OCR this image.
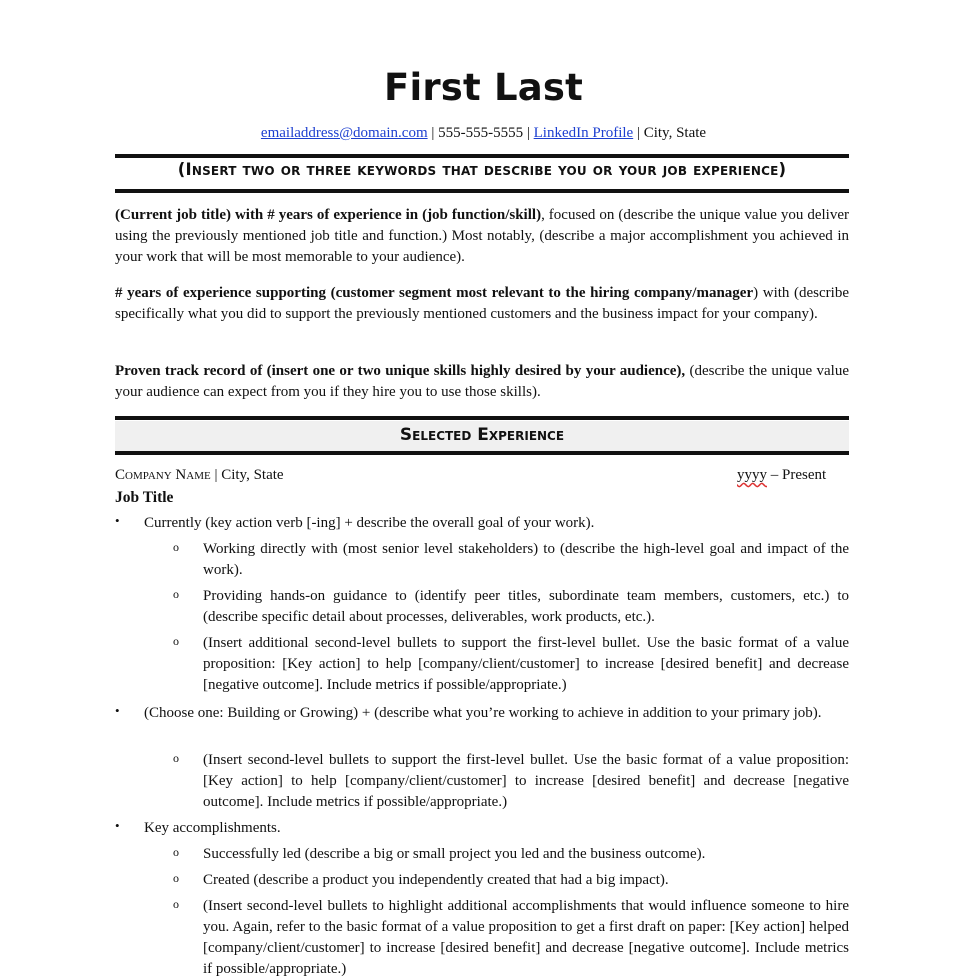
First Last
emailaddress@domain.com | 555-555-5555 | LinkedIn Profile | City, State
(Insert two or three keywords that describe you or your job experience)
(Current job title) with # years of experience in (job function/skill), focused on (describe the unique value you deliver using the previously mentioned job title and function.) Most notably, (describe a major accomplishment you achieved in your work that will be most memorable to your audience).
# years of experience supporting (customer segment most relevant to the hiring company/manager) with (describe specifically what you did to support the previously mentioned customers and the business impact for your company).
Proven track record of (insert one or two unique skills highly desired by your audience), (describe the unique value your audience can expect from you if they hire you to use those skills).
Selected Experience
Company Name | City, State	yyyy – Present
Job Title
• Currently (key action verb [-ing] + describe the overall goal of your work).
o Working directly with (most senior level stakeholders) to (describe the high-level goal and impact of the work).
o Providing hands-on guidance to (identify peer titles, subordinate team members, customers, etc.) to (describe specific detail about processes, deliverables, work products, etc.).
o (Insert additional second-level bullets to support the first-level bullet. Use the basic format of a value proposition: [Key action] to help [company/client/customer] to increase [desired benefit] and decrease [negative outcome]. Include metrics if possible/appropriate.)
• (Choose one: Building or Growing) + (describe what you’re working to achieve in addition to your primary job).
o (Insert second-level bullets to support the first-level bullet. Use the basic format of a value proposition: [Key action] to help [company/client/customer] to increase [desired benefit] and decrease [negative outcome]. Include metrics if possible/appropriate.)
• Key accomplishments.
o Successfully led (describe a big or small project you led and the business outcome).
o Created (describe a product you independently created that had a big impact).
o (Insert second-level bullets to highlight additional accomplishments that would influence someone to hire you. Again, refer to the basic format of a value proposition to get a first draft on paper: [Key action] helped [company/client/customer] to increase [desired benefit] and decrease [negative outcome]. Include metrics if possible/appropriate.)
